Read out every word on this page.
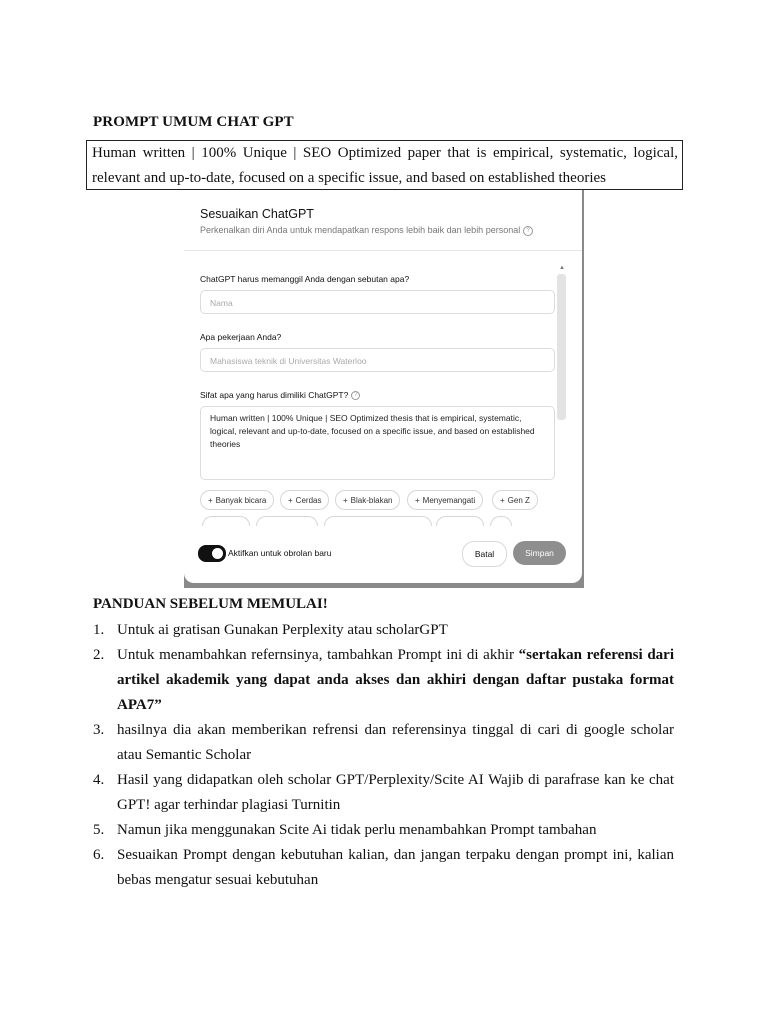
PROMPT UMUM CHAT GPT
Human written | 100% Unique | SEO Optimized paper that is empirical, systematic, logical, relevant and up-to-date, focused on a specific issue, and based on established theories
Sesuaikan ChatGPT
Perkenalkan diri Anda untuk mendapatkan respons lebih baik dan lebih personal ?
▲
ChatGPT harus memanggil Anda dengan sebutan apa?
Nama
Apa pekerjaan Anda?
Mahasiswa teknik di Universitas Waterloo
Sifat apa yang harus dimiliki ChatGPT? ?
Human written | 100% Unique | SEO Optimized thesis that is empirical, systematic, logical, relevant and up-to-date, focused on a specific issue, and based on established theories
+ Banyak bicara	+ Cerdas	+ Blak-blakan	+ Menyemangati	+ Gen Z
Aktifkan untuk obrolan baru	Batal	Simpan
PANDUAN SEBELUM MEMULAI!
1. Untuk ai gratisan Gunakan Perplexity atau scholarGPT
2. Untuk menambahkan refernsinya, tambahkan Prompt ini di akhir “sertakan referensi dari artikel akademik yang dapat anda akses dan akhiri dengan daftar pustaka format APA7”
3. hasilnya dia akan memberikan refrensi dan referensinya tinggal di cari di google scholar atau Semantic Scholar
4. Hasil yang didapatkan oleh scholar GPT/Perplexity/Scite AI Wajib di parafrase kan ke chat GPT! agar terhindar plagiasi Turnitin
5. Namun jika menggunakan Scite Ai tidak perlu menambahkan Prompt tambahan
6. Sesuaikan Prompt dengan kebutuhan kalian, dan jangan terpaku dengan prompt ini, kalian bebas mengatur sesuai kebutuhan
